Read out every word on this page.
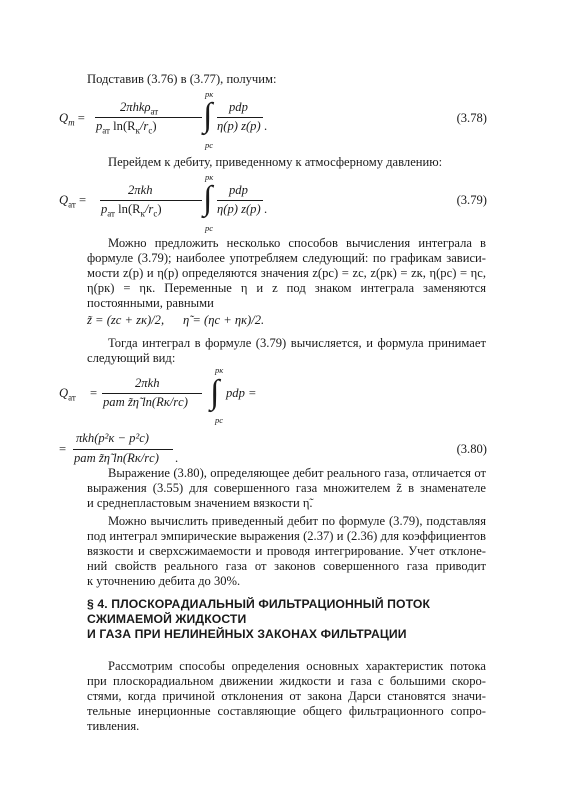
Подставив (3.76) в (3.77), получим:
$Q_m$ =
2πhkρ$_{ат}$
$p_{ат}$ $\ln(R_к/r_с)$
pк
∫
pс
pdp
η(p) z(p) .
(3.78)
Перейдем к дебиту, приведенному к атмосферному давлению:
$Q_{ат}$ =
2πkh
$p_{ат}$ $\ln(R_к/r_с)$
pк
∫
pс
pdp
η(p) z(p) .
(3.79)
Можно предложить несколько способов вычисления интеграла в
формуле (3.79); наиболее употребляем следующий: по графикам зависи-
мости z(p) и η(p) определяются значения z(pс) = zс, z(pк) = zк, η(pс) = ηс,
η(pк) = ηк. Переменные η и z под знаком интеграла заменяются
постоянными, равными
z̃ = (zс + zк)/2,      η̃ = (ηс + ηк)/2.
Тогда интеграл в формуле (3.79) вычисляется, и формула принимает
следующий вид:
$Q_{ат}$ =
2πkh
pат z̃η̃ ln(Rк/rс)
pк
∫
pс
pdp =
=
πkh(p²к − p²с)
pат z̃η̃ ln(Rк/rс) .
(3.80)
Выражение (3.80), определяющее дебит реального газа, отличается от
выражения (3.55) для совершенного газа множителем z̃ в знаменателе
и среднепластовым значением вязкости η̃.
Можно вычислить приведенный дебит по формуле (3.79), подставляя
под интеграл эмпирические выражения (2.37) и (2.36) для коэффициентов
вязкости и сверхсжимаемости и проводя интегрирование. Учет отклоне-
ний свойств реального газа от законов совершенного газа приводит
к уточнению дебита до 30%.
§ 4. ПЛОСКОРАДИАЛЬНЫЙ ФИЛЬТРАЦИОННЫЙ ПОТОК
СЖИМАЕМОЙ ЖИДКОСТИ
И ГАЗА ПРИ НЕЛИНЕЙНЫХ ЗАКОНАХ ФИЛЬТРАЦИИ
Рассмотрим способы определения основных характеристик потока
при плоскорадиальном движении жидкости и газа с большими скоро-
стями, когда причиной отклонения от закона Дарси становятся значи-
тельные инерционные составляющие общего фильтрационного сопро-
тивления.
